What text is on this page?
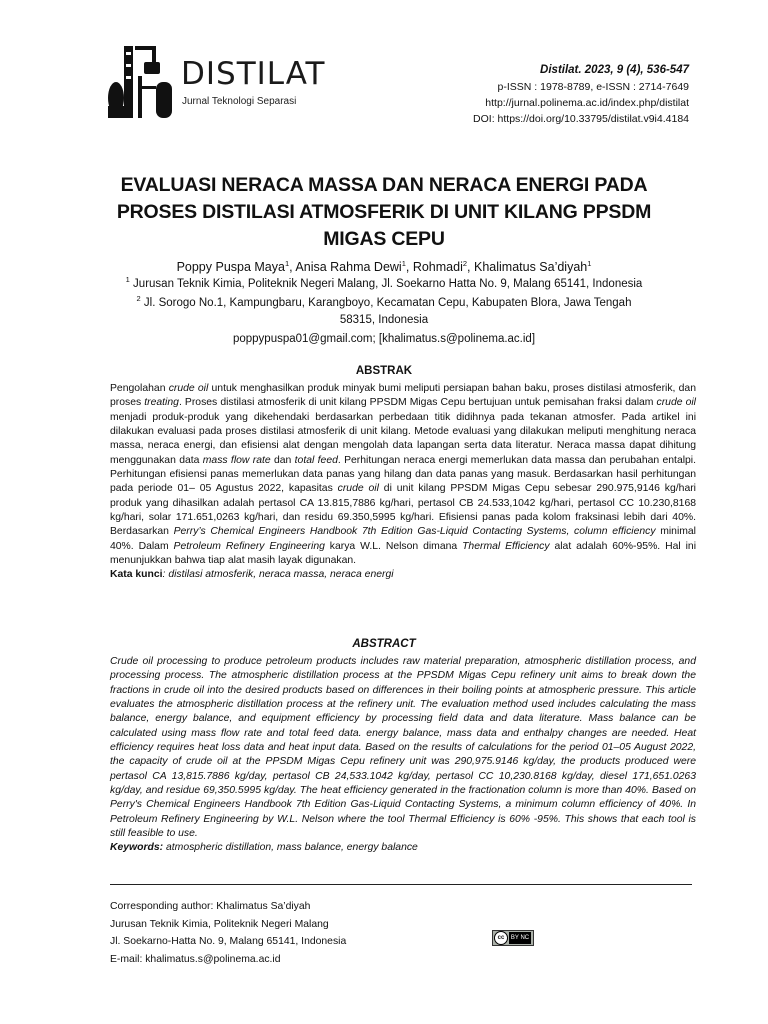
DISTILAT
Jurnal Teknologi Separasi
Distilat. 2023, 9 (4), 536-547
p-ISSN : 1978-8789, e-ISSN : 2714-7649
http://jurnal.polinema.ac.id/index.php/distilat
DOI: https://doi.org/10.33795/distilat.v9i4.4184
EVALUASI NERACA MASSA DAN NERACA ENERGI PADA
PROSES DISTILASI ATMOSFERIK DI UNIT KILANG PPSDM
MIGAS CEPU
Poppy Puspa Maya$^1$, Anisa Rahma Dewi$^1$, Rohmadi$^2$, Khalimatus Sa’diyah$^1$
$^1$ Jurusan Teknik Kimia, Politeknik Negeri Malang, Jl. Soekarno Hatta No. 9, Malang 65141, Indonesia
$^2$ Jl. Sorogo No.1, Kampungbaru, Karangboyo, Kecamatan Cepu, Kabupaten Blora, Jawa Tengah
58315, Indonesia
poppypuspa01@gmail.com; [khalimatus.s@polinema.ac.id]
ABSTRAK
Pengolahan crude oil untuk menghasilkan produk minyak bumi meliputi persiapan bahan baku, proses distilasi atmosferik, dan proses treating. Proses distilasi atmosferik di unit kilang PPSDM Migas Cepu bertujuan untuk pemisahan fraksi dalam crude oil menjadi produk-produk yang dikehendaki berdasarkan perbedaan titik didihnya pada tekanan atmosfer. Pada artikel ini dilakukan evaluasi pada proses distilasi atmosferik di unit kilang. Metode evaluasi yang dilakukan meliputi menghitung neraca massa, neraca energi, dan efisiensi alat dengan mengolah data lapangan serta data literatur. Neraca massa dapat dihitung menggunakan data mass flow rate dan total feed. Perhitungan neraca energi memerlukan data massa dan perubahan entalpi. Perhitungan efisiensi panas memerlukan data panas yang hilang dan data panas yang masuk. Berdasarkan hasil perhitungan pada periode 01– 05 Agustus 2022, kapasitas crude oil di unit kilang PPSDM Migas Cepu sebesar 290.975,9146 kg/hari produk yang dihasilkan adalah pertasol CA 13.815,7886 kg/hari, pertasol CB 24.533,1042 kg/hari, pertasol CC 10.230,8168 kg/hari, solar 171.651,0263 kg/hari, dan residu 69.350,5995 kg/hari. Efisiensi panas pada kolom fraksinasi lebih dari 40%. Berdasarkan Perry’s Chemical Engineers Handbook 7th Edition Gas-Liquid Contacting Systems, column efficiency minimal 40%. Dalam Petroleum Refinery Engineering karya W.L. Nelson dimana Thermal Efficiency alat adalah 60%-95%. Hal ini menunjukkan bahwa tiap alat masih layak digunakan.
Kata kunci: distilasi atmosferik, neraca massa, neraca energi
ABSTRACT
Crude oil processing to produce petroleum products includes raw material preparation, atmospheric distillation process, and processing process. The atmospheric distillation process at the PPSDM Migas Cepu refinery unit aims to break down the fractions in crude oil into the desired products based on differences in their boiling points at atmospheric pressure. This article evaluates the atmospheric distillation process at the refinery unit. The evaluation method used includes calculating the mass balance, energy balance, and equipment efficiency by processing field data and data literature. Mass balance can be calculated using mass flow rate and total feed data. energy balance, mass data and enthalpy changes are needed. Heat efficiency requires heat loss data and heat input data. Based on the results of calculations for the period 01–05 August 2022, the capacity of crude oil at the PPSDM Migas Cepu refinery unit was 290,975.9146 kg/day, the products produced were pertasol CA 13,815.7886 kg/day, pertasol CB 24,533.1042 kg/day, pertasol CC 10,230.8168 kg/day, diesel 171,651.0263 kg/day, and residue 69,350.5995 kg/day. The heat efficiency generated in the fractionation column is more than 40%. Based on Perry's Chemical Engineers Handbook 7th Edition Gas-Liquid Contacting Systems, a minimum column efficiency of 40%. In Petroleum Refinery Engineering by W.L. Nelson where the tool Thermal Efficiency is 60% -95%. This shows that each tool is still feasible to use.
Keywords: atmospheric distillation, mass balance, energy balance
Corresponding author: Khalimatus Sa’diyah
Jurusan Teknik Kimia, Politeknik Negeri Malang
Jl. Soekarno-Hatta No. 9, Malang 65141, Indonesia
E-mail: khalimatus.s@polinema.ac.id
cc	BY NC
